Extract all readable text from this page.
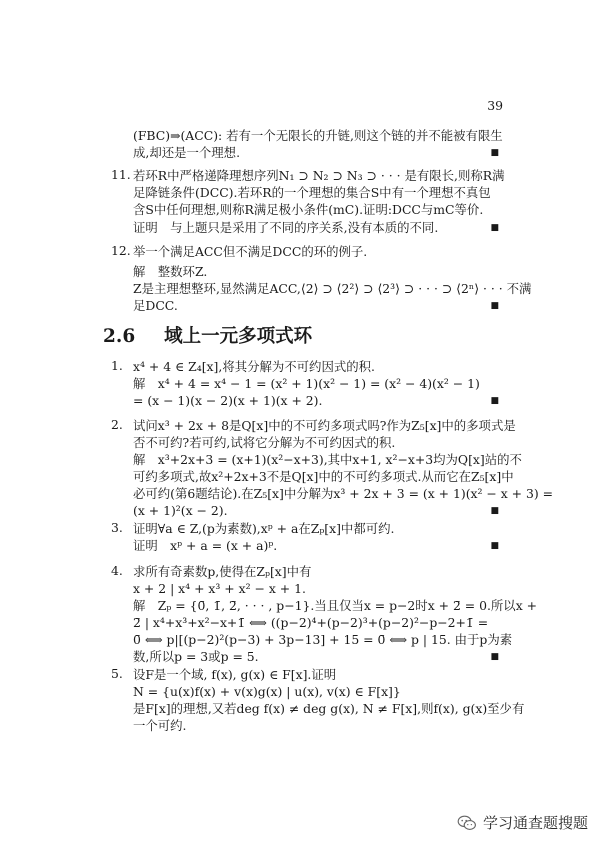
39
(FBC)⇒(ACC): 若有一个无限长的升链,则这个链的并不能被有限生
成,却还是一个理想.	■
11. 若环R中严格递降理想序列N₁ ⊃ N₂ ⊃ N₃ ⊃ · · · 是有限长,则称R满
足降链条件(DCC).若环R的一个理想的集合S中有一个理想不真包
含S中任何理想,则称R满足极小条件(mC).证明:DCC与mC等价.
证明　与上题只是采用了不同的序关系,没有本质的不同.	■
12. 举一个满足ACC但不满足DCC的环的例子.
解　整数环Z.
Z是主理想整环,显然满足ACC,⟨2⟩ ⊃ ⟨2²⟩ ⊃ ⟨2³⟩ ⊃ · · · ⊃ ⟨2ⁿ⟩ · · · 不满
足DCC.	■
2.6 域上一元多项式环
1. x⁴ + 4 ∈ Z₄[x],将其分解为不可约因式的积.
解　x⁴ + 4 = x⁴ − 1 = (x² + 1)(x² − 1) = (x² − 4)(x² − 1)
= (x − 1)(x − 2)(x + 1)(x + 2).	■
2. 试问x³ + 2x + 8是Q[x]中的不可约多项式吗?作为Z₅[x]中的多项式是
否不可约?若可约,试将它分解为不可约因式的积.
解　x³+2x+3 = (x+1)(x²−x+3),其中x+1, x²−x+3均为Q[x]站的不
可约多项式,故x²+2x+3不是Q[x]中的不可约多项式.从而它在Z₅[x]中
必可约(第6题结论).在Z₅[x]中分解为x³ + 2x + 3 = (x + 1)(x² − x + 3) =
(x + 1)²(x − 2).	■
3. 证明∀a ∈ Z,(p为素数),xᵖ + a在Zₚ[x]中都可约.
证明　xᵖ + a = (x + a)ᵖ.	■
4. 求所有奇素数p,使得在Zₚ[x]中有
x + 2 | x⁴ + x³ + x² − x + 1.
解　Zₚ = {0̄, 1̄, 2̄, · · · , p−1}.当且仅当x = p−2时x + 2̄ = 0.所以x +
2̄ | x⁴+x³+x²−x+1̄ ⟺ ((p−2)⁴+(p−2)³+(p−2)²−p−2+1̄ =
0̄ ⟺ p|[(p−2)²(p−3) + 3p−13] + 15 = 0̄ ⟺ p | 15. 由于p为素
数,所以p = 3或p = 5.	■
5. 设F是一个域, f(x), g(x) ∈ F[x].证明
N = {u(x)f(x) + v(x)g(x) | u(x), v(x) ∈ F[x]}
是F[x]的理想,又若deg f(x) ≠ deg g(x), N ≠ F[x],则f(x), g(x)至少有
一个可约.
学习通查题搜题
